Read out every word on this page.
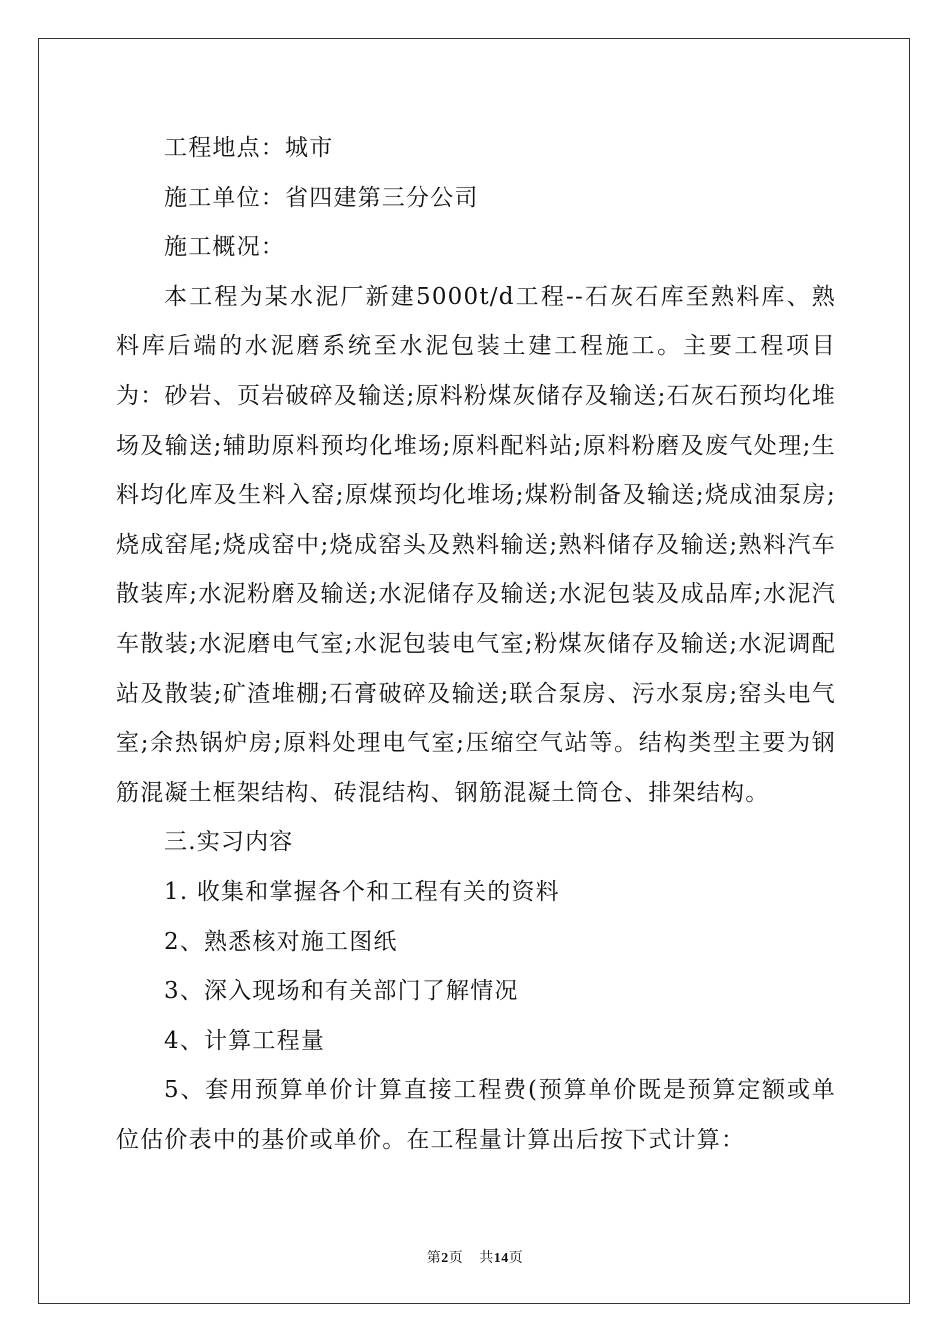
工程地点：城市

施工单位：省四建第三分公司

施工概况：

本工程为某水泥厂新建5000t/d工程--石灰石库至熟料库、熟料库后端的水泥磨系统至水泥包装土建工程施工。主要工程项目为：砂岩、页岩破碎及输送;原料粉煤灰储存及输送;石灰石预均化堆场及输送;辅助原料预均化堆场;原料配料站;原料粉磨及废气处理;生料均化库及生料入窑;原煤预均化堆场;煤粉制备及输送;烧成油泵房;烧成窑尾;烧成窑中;烧成窑头及熟料输送;熟料储存及输送;熟料汽车散装库;水泥粉磨及输送;水泥储存及输送;水泥包装及成品库;水泥汽车散装;水泥磨电气室;水泥包装电气室;粉煤灰储存及输送;水泥调配站及散装;矿渣堆棚;石膏破碎及输送;联合泵房、污水泵房;窑头电气室;余热锅炉房;原料处理电气室;压缩空气站等。结构类型主要为钢筋混凝土框架结构、砖混结构、钢筋混凝土筒仓、排架结构。

三.实习内容

1. 收集和掌握各个和工程有关的资料

2、熟悉核对施工图纸

3、深入现场和有关部门了解情况

4、计算工程量

5、套用预算单价计算直接工程费(预算单价既是预算定额或单位估价表中的基价或单价。在工程量计算出后按下式计算：

第2页 共14页
